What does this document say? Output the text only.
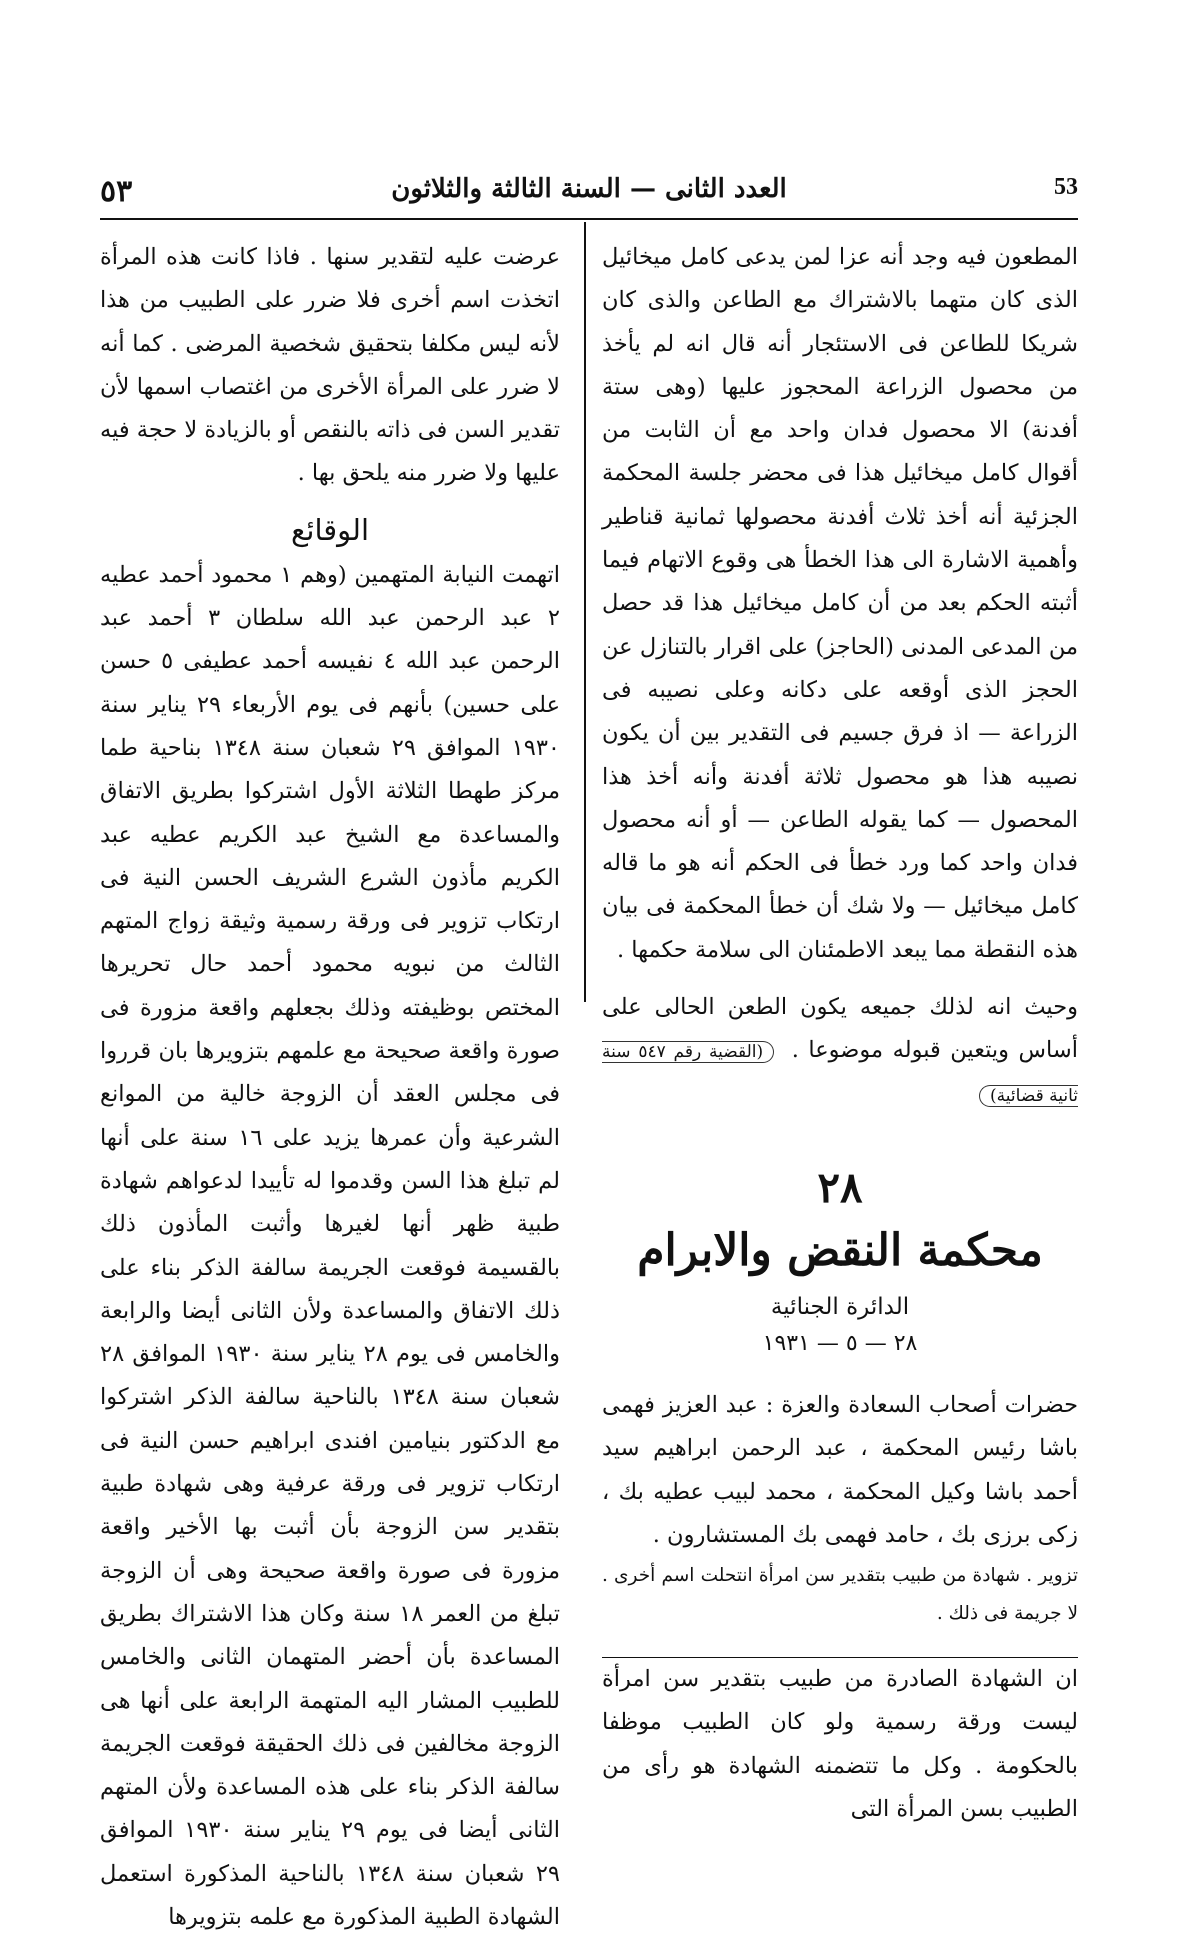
٥٣	العدد الثانى — السنة الثالثة والثلاثون	53

المطعون فيه وجد أنه عزا لمن يدعى كامل ميخائيل الذى كان متهما بالاشتراك مع الطاعن والذى كان شريكا للطاعن فى الاستئجار أنه قال انه لم يأخذ من محصول الزراعة المحجوز عليها (وهى ستة أفدنة) الا محصول فدان واحد مع أن الثابت من أقوال كامل ميخائيل هذا فى محضر جلسة المحكمة الجزئية أنه أخذ ثلاث أفدنة محصولها ثمانية قناطير وأهمية الاشارة الى هذا الخطأ هى وقوع الاتهام فيما أثبته الحكم بعد من أن كامل ميخائيل هذا قد حصل من المدعى المدنى (الحاجز) على اقرار بالتنازل عن الحجز الذى أوقعه على دكانه وعلى نصيبه فى الزراعة — اذ فرق جسيم فى التقدير بين أن يكون نصيبه هذا هو محصول ثلاثة أفدنة وأنه أخذ هذا المحصول — كما يقوله الطاعن — أو أنه محصول فدان واحد كما ورد خطأ فى الحكم أنه هو ما قاله كامل ميخائيل — ولا شك أن خطأ المحكمة فى بيان هذه النقطة مما يبعد الاطمئنان الى سلامة حكمها .

وحيث انه لذلك جميعه يكون الطعن الحالى على أساس ويتعين قبوله موضوعا . (القضية رقم ٥٤٧ سنة ثانية قضائية)

٢٨
محكمة النقض والابرام
الدائرة الجنائية
٢٨ — ٥ — ١٩٣١

حضرات أصحاب السعادة والعزة : عبد العزيز فهمى باشا رئيس المحكمة ، عبد الرحمن ابراهيم سيد أحمد باشا وكيل المحكمة ، محمد لبيب عطيه بك ، زكى برزى بك ، حامد فهمى بك المستشارون .

تزوير . شهادة من طبيب بتقدير سن امرأة انتحلت اسم أخرى . لا جريمة فى ذلك .

ان الشهادة الصادرة من طبيب بتقدير سن امرأة ليست ورقة رسمية ولو كان الطبيب موظفا بالحكومة . وكل ما تتضمنه الشهادة هو رأى من الطبيب بسن المرأة التى

عرضت عليه لتقدير سنها . فاذا كانت هذه المرأة اتخذت اسم أخرى فلا ضرر على الطبيب من هذا لأنه ليس مكلفا بتحقيق شخصية المرضى . كما أنه لا ضرر على المرأة الأخرى من اغتصاب اسمها لأن تقدير السن فى ذاته بالنقص أو بالزيادة لا حجة فيه عليها ولا ضرر منه يلحق بها .

الوقائع

اتهمت النيابة المتهمين (وهم ١ محمود أحمد عطيه ٢ عبد الرحمن عبد الله سلطان ٣ أحمد عبد الرحمن عبد الله ٤ نفيسه أحمد عطيفى ٥ حسن على حسين) بأنهم فى يوم الأربعاء ٢٩ يناير سنة ١٩٣٠ الموافق ٢٩ شعبان سنة ١٣٤٨ بناحية طما مركز طهطا الثلاثة الأول اشتركوا بطريق الاتفاق والمساعدة مع الشيخ عبد الكريم عطيه عبد الكريم مأذون الشرع الشريف الحسن النية فى ارتكاب تزوير فى ورقة رسمية وثيقة زواج المتهم الثالث من نبويه محمود أحمد حال تحريرها المختص بوظيفته وذلك بجعلهم واقعة مزورة فى صورة واقعة صحيحة مع علمهم بتزويرها بان قرروا فى مجلس العقد أن الزوجة خالية من الموانع الشرعية وأن عمرها يزيد على ١٦ سنة على أنها لم تبلغ هذا السن وقدموا له تأييدا لدعواهم شهادة طبية ظهر أنها لغيرها وأثبت المأذون ذلك بالقسيمة فوقعت الجريمة سالفة الذكر بناء على ذلك الاتفاق والمساعدة ولأن الثانى أيضا والرابعة والخامس فى يوم ٢٨ يناير سنة ١٩٣٠ الموافق ٢٨ شعبان سنة ١٣٤٨ بالناحية سالفة الذكر اشتركوا مع الدكتور بنيامين افندى ابراهيم حسن النية فى ارتكاب تزوير فى ورقة عرفية وهى شهادة طبية بتقدير سن الزوجة بأن أثبت بها الأخير واقعة مزورة فى صورة واقعة صحيحة وهى أن الزوجة تبلغ من العمر ١٨ سنة وكان هذا الاشتراك بطريق المساعدة بأن أحضر المتهمان الثانى والخامس للطبيب المشار اليه المتهمة الرابعة على أنها هى الزوجة مخالفين فى ذلك الحقيقة فوقعت الجريمة سالفة الذكر بناء على هذه المساعدة ولأن المتهم الثانى أيضا فى يوم ٢٩ يناير سنة ١٩٣٠ الموافق ٢٩ شعبان سنة ١٣٤٨ بالناحية المذكورة استعمل الشهادة الطبية المذكورة مع علمه بتزويرها
